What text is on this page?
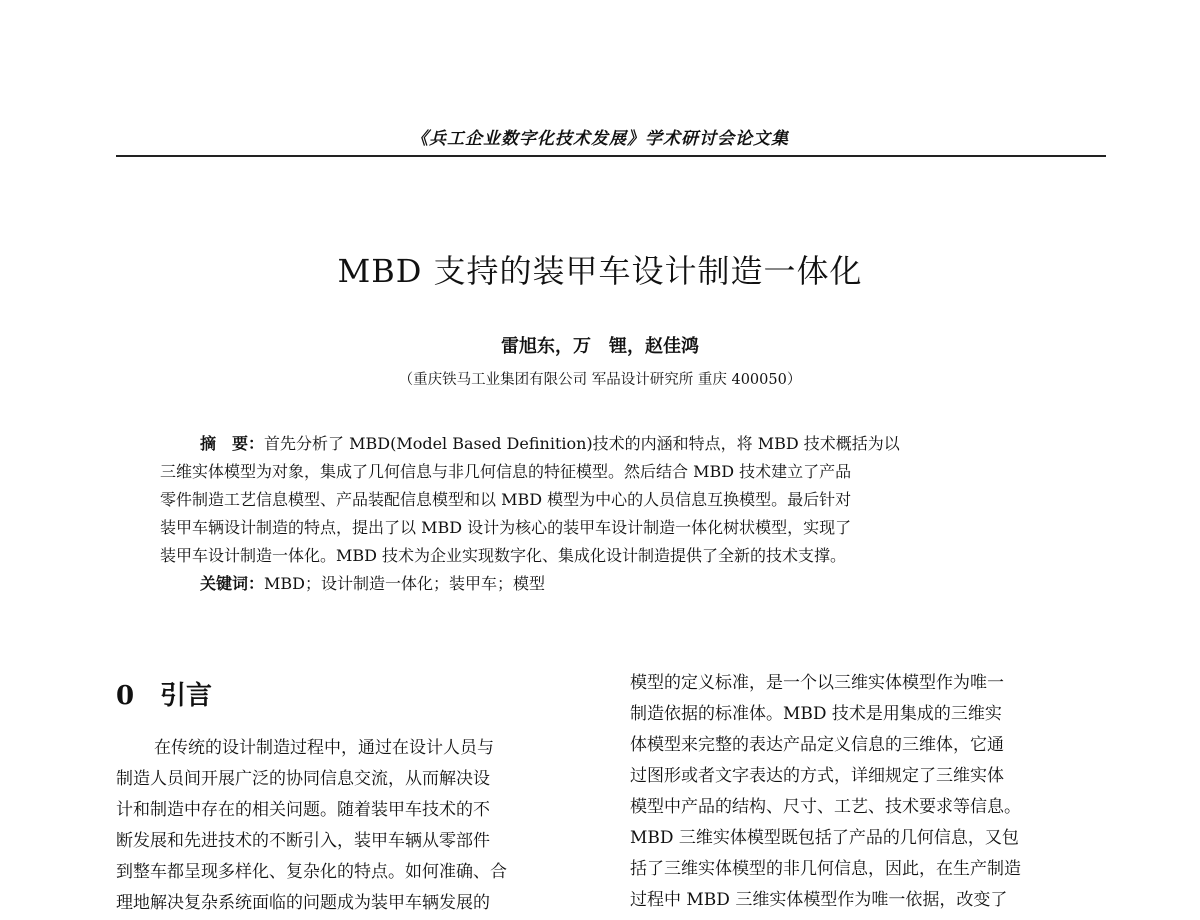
《兵工企业数字化技术发展》学术研讨会论文集
MBD 支持的装甲车设计制造一体化
雷旭东，万　锂，赵佳鸿
（重庆铁马工业集团有限公司 军品设计研究所 重庆 400050）
摘　要：首先分析了 MBD(Model Based Definition)技术的内涵和特点，将 MBD 技术概括为以
三维实体模型为对象，集成了几何信息与非几何信息的特征模型。然后结合 MBD 技术建立了产品
零件制造工艺信息模型、产品装配信息模型和以 MBD 模型为中心的人员信息互换模型。最后针对
装甲车辆设计制造的特点，提出了以 MBD 设计为核心的装甲车设计制造一体化树状模型，实现了
装甲车设计制造一体化。MBD 技术为企业实现数字化、集成化设计制造提供了全新的技术支撑。
关键词：MBD；设计制造一体化；装甲车；模型
0 引言
在传统的设计制造过程中，通过在设计人员与
制造人员间开展广泛的协同信息交流，从而解决设
计和制造中存在的相关问题。随着装甲车技术的不
断发展和先进技术的不断引入，装甲车辆从零部件
到整车都呈现多样化、复杂化的特点。如何准确、合
理地解决复杂系统面临的问题成为装甲车辆发展的
模型的定义标准，是一个以三维实体模型作为唯一
制造依据的标准体。MBD 技术是用集成的三维实
体模型来完整的表达产品定义信息的三维体，它通
过图形或者文字表达的方式，详细规定了三维实体
模型中产品的结构、尺寸、工艺、技术要求等信息。
MBD 三维实体模型既包括了产品的几何信息，又包
括了三维实体模型的非几何信息，因此，在生产制造
过程中 MBD 三维实体模型作为唯一依据，改变了
